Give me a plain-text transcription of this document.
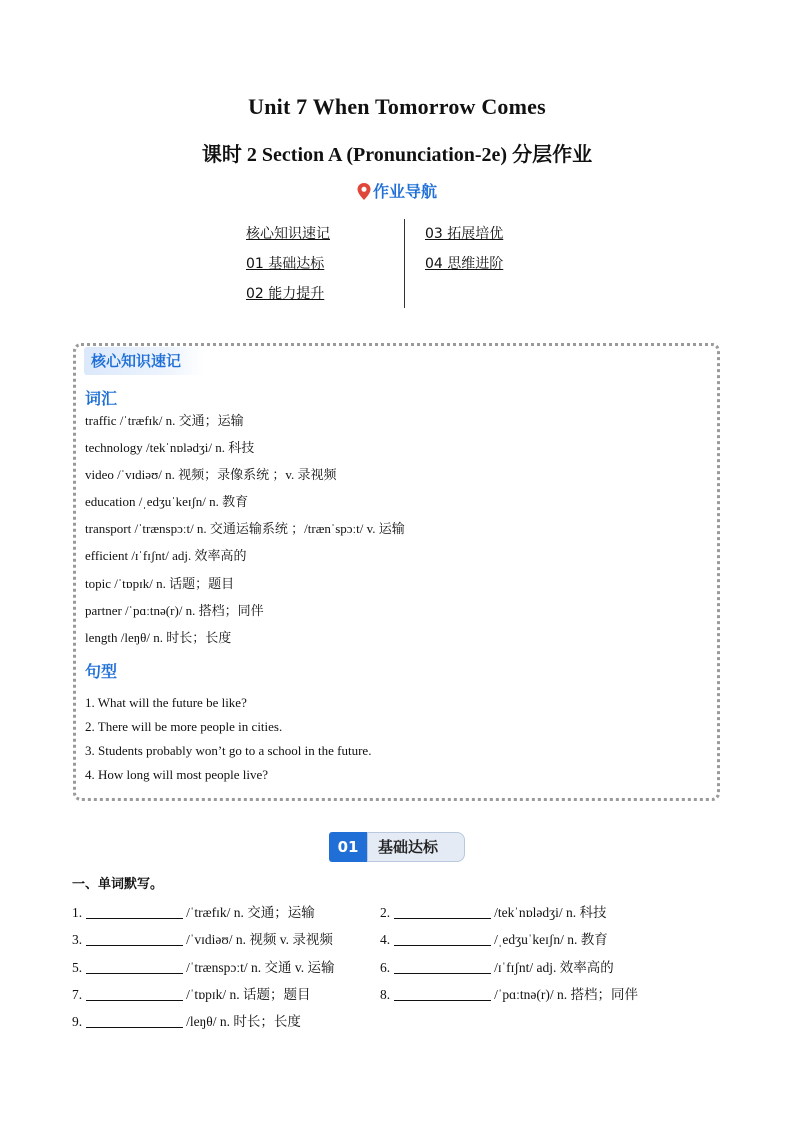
Unit 7 When Tomorrow Comes
课时 2 Section A (Pronunciation-2e) 分层作业
作业导航
核心知识速记
01 基础达标
02 能力提升
03 拓展培优
04 思维进阶
核心知识速记
词汇
traffic /ˈtræfɪk/ n. 交通；运输
technology /tekˈnɒlədʒi/ n. 科技
video /ˈvɪdiəʊ/ n. 视频；录像系统 ；v. 录视频
education /ˌedʒuˈkeɪʃn/ n. 教育
transport /ˈtrænspɔːt/ n. 交通运输系统 ；/trænˈspɔːt/ v. 运输
efficient /ɪˈfɪʃnt/ adj. 效率高的
topic /ˈtɒpɪk/ n. 话题；题目
partner /ˈpɑːtnə(r)/ n. 搭档；同伴
length /leŋθ/ n. 时长；长度
句型
1. What will the future be like?
2. There will be more people in cities.
3. Students probably won’t go to a school in the future.
4. How long will most people live?
01	基础达标
一、单词默写。
1.	/ˈtræfɪk/ n. 交通；运输	2.	/tekˈnɒlədʒi/ n. 科技
3.	/ˈvɪdiəʊ/ n. 视频 v. 录视频	4.	/ˌedʒuˈkeɪʃn/ n. 教育
5.	/ˈtrænspɔːt/ n. 交通 v. 运输	6.	/ɪˈfɪʃnt/ adj. 效率高的
7.	/ˈtɒpɪk/ n. 话题；题目	8.	/ˈpɑːtnə(r)/ n. 搭档；同伴
9.	/leŋθ/ n. 时长；长度
